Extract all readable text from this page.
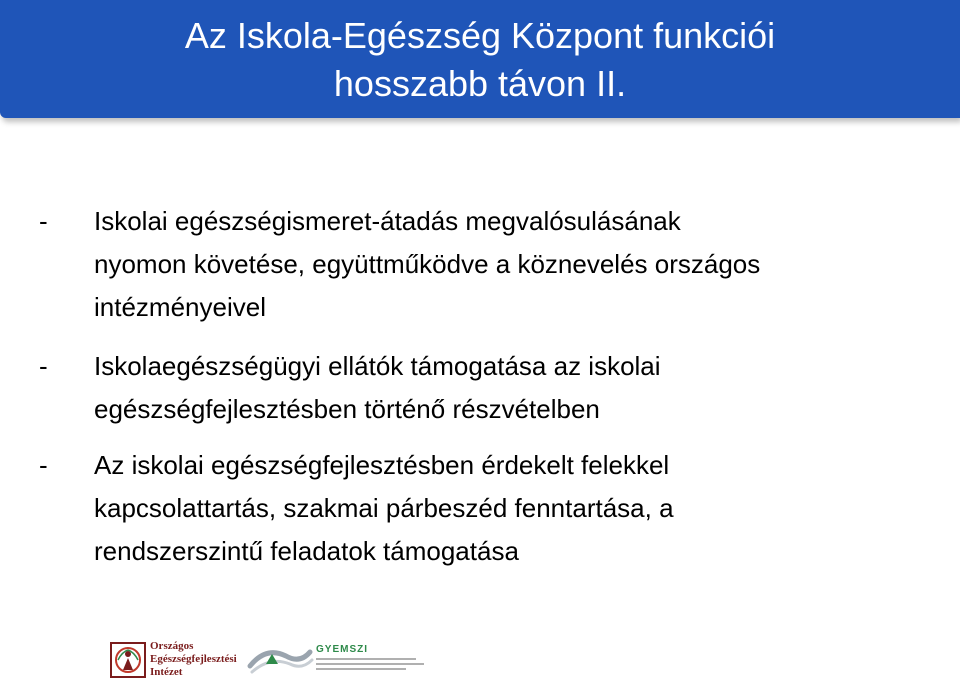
Az Iskola-Egészség Központ funkciói
hosszabb távon II.
- Iskolai egészségismeret-átadás megvalósulásának
nyomon követése, együttműködve a köznevelés országos
intézményeivel
- Iskolaegészségügyi ellátók támogatása az iskolai
egészségfejlesztésben történő részvételben
- Az iskolai egészségfejlesztésben érdekelt felekkel
kapcsolattartás, szakmai párbeszéd fenntartása, a
rendszerszintű feladatok támogatása
Országos
Egészségfejlesztési
Intézet
GYEMSZI
